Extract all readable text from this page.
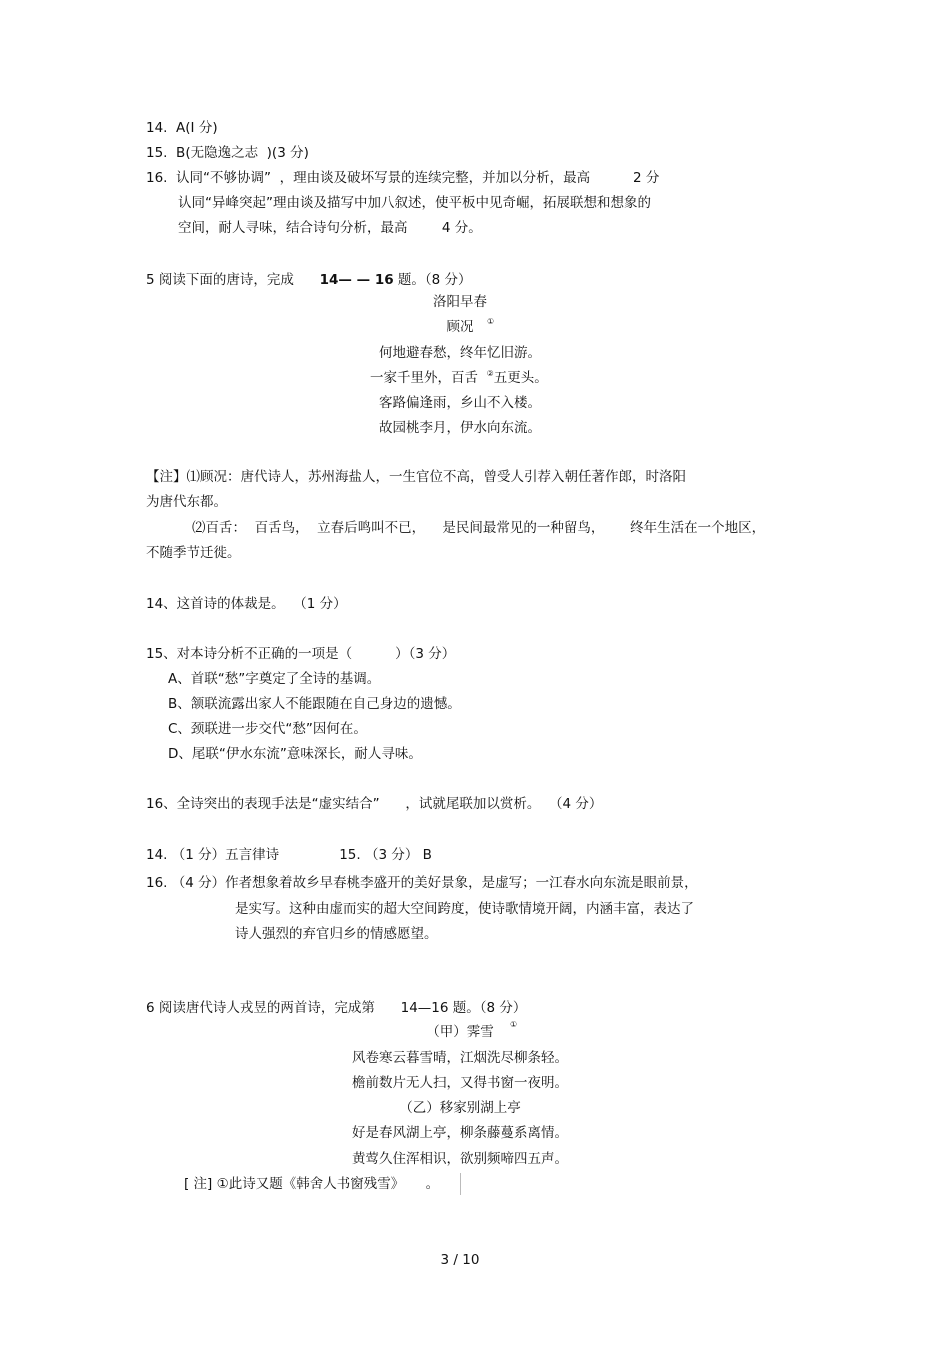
14.  A(I 分)
15.  B(无隐逸之志  )(3 分)
16.  认同“不够协调”  ，理由谈及破坏写景的连续完整，并加以分析，最高          2 分
认同“异峰突起”理由谈及描写中加八叙述，使平板中见奇崛，拓展联想和想象的
空间，耐人寻味，结合诗句分析，最高        4 分。
5 阅读下面的唐诗，完成 14— — 16 题。（8 分）
洛阳早春
顾况	①
何地避春愁，终年忆旧游。
一家千里外，百舌 ②五更头。
客路偏逢雨，乡山不入楼。
故园桃李月，伊水向东流。
【注】⑴顾况：唐代诗人，苏州海盐人，一生官位不高，曾受人引荐入朝任著作郎，时洛阳
为唐代东都。
⑵百舌：  百舌鸟，  立春后鸣叫不已，    是民间最常见的一种留鸟，      终年生活在一个地区，
不随季节迁徙。
14、这首诗的体裁是。  （1 分）
15、对本诗分析不正确的一项是（          ）（3 分）
A、首联“愁”字奠定了全诗的基调。
B、颔联流露出家人不能跟随在自己身边的遗憾。
C、颈联进一步交代“愁”因何在。
D、尾联“伊水东流”意味深长，耐人寻味。
16、全诗突出的表现手法是“虚实结合”      ，试就尾联加以赏析。  （4 分）
14. （1 分）五言律诗              15. （3 分） B
16. （4 分）作者想象着故乡早春桃李盛开的美好景象，是虚写；一江春水向东流是眼前景，
是实写。这种由虚而实的超大空间跨度，使诗歌情境开阔，内涵丰富，表达了
诗人强烈的弃官归乡的情感愿望。
6 阅读唐代诗人戎昱的两首诗，完成第      14—16 题。（8 分）
（甲）霁雪	①
风卷寒云暮雪晴，江烟洗尽柳条轻。
檐前数片无人扫，又得书窗一夜明。
（乙）移家别湖上亭
好是春风湖上亭，柳条藤蔓系离情。
黄莺久住浑相识，欲别频啼四五声。
[ 注] ①此诗又题《韩舍人书窗残雪》     。
3 / 10
